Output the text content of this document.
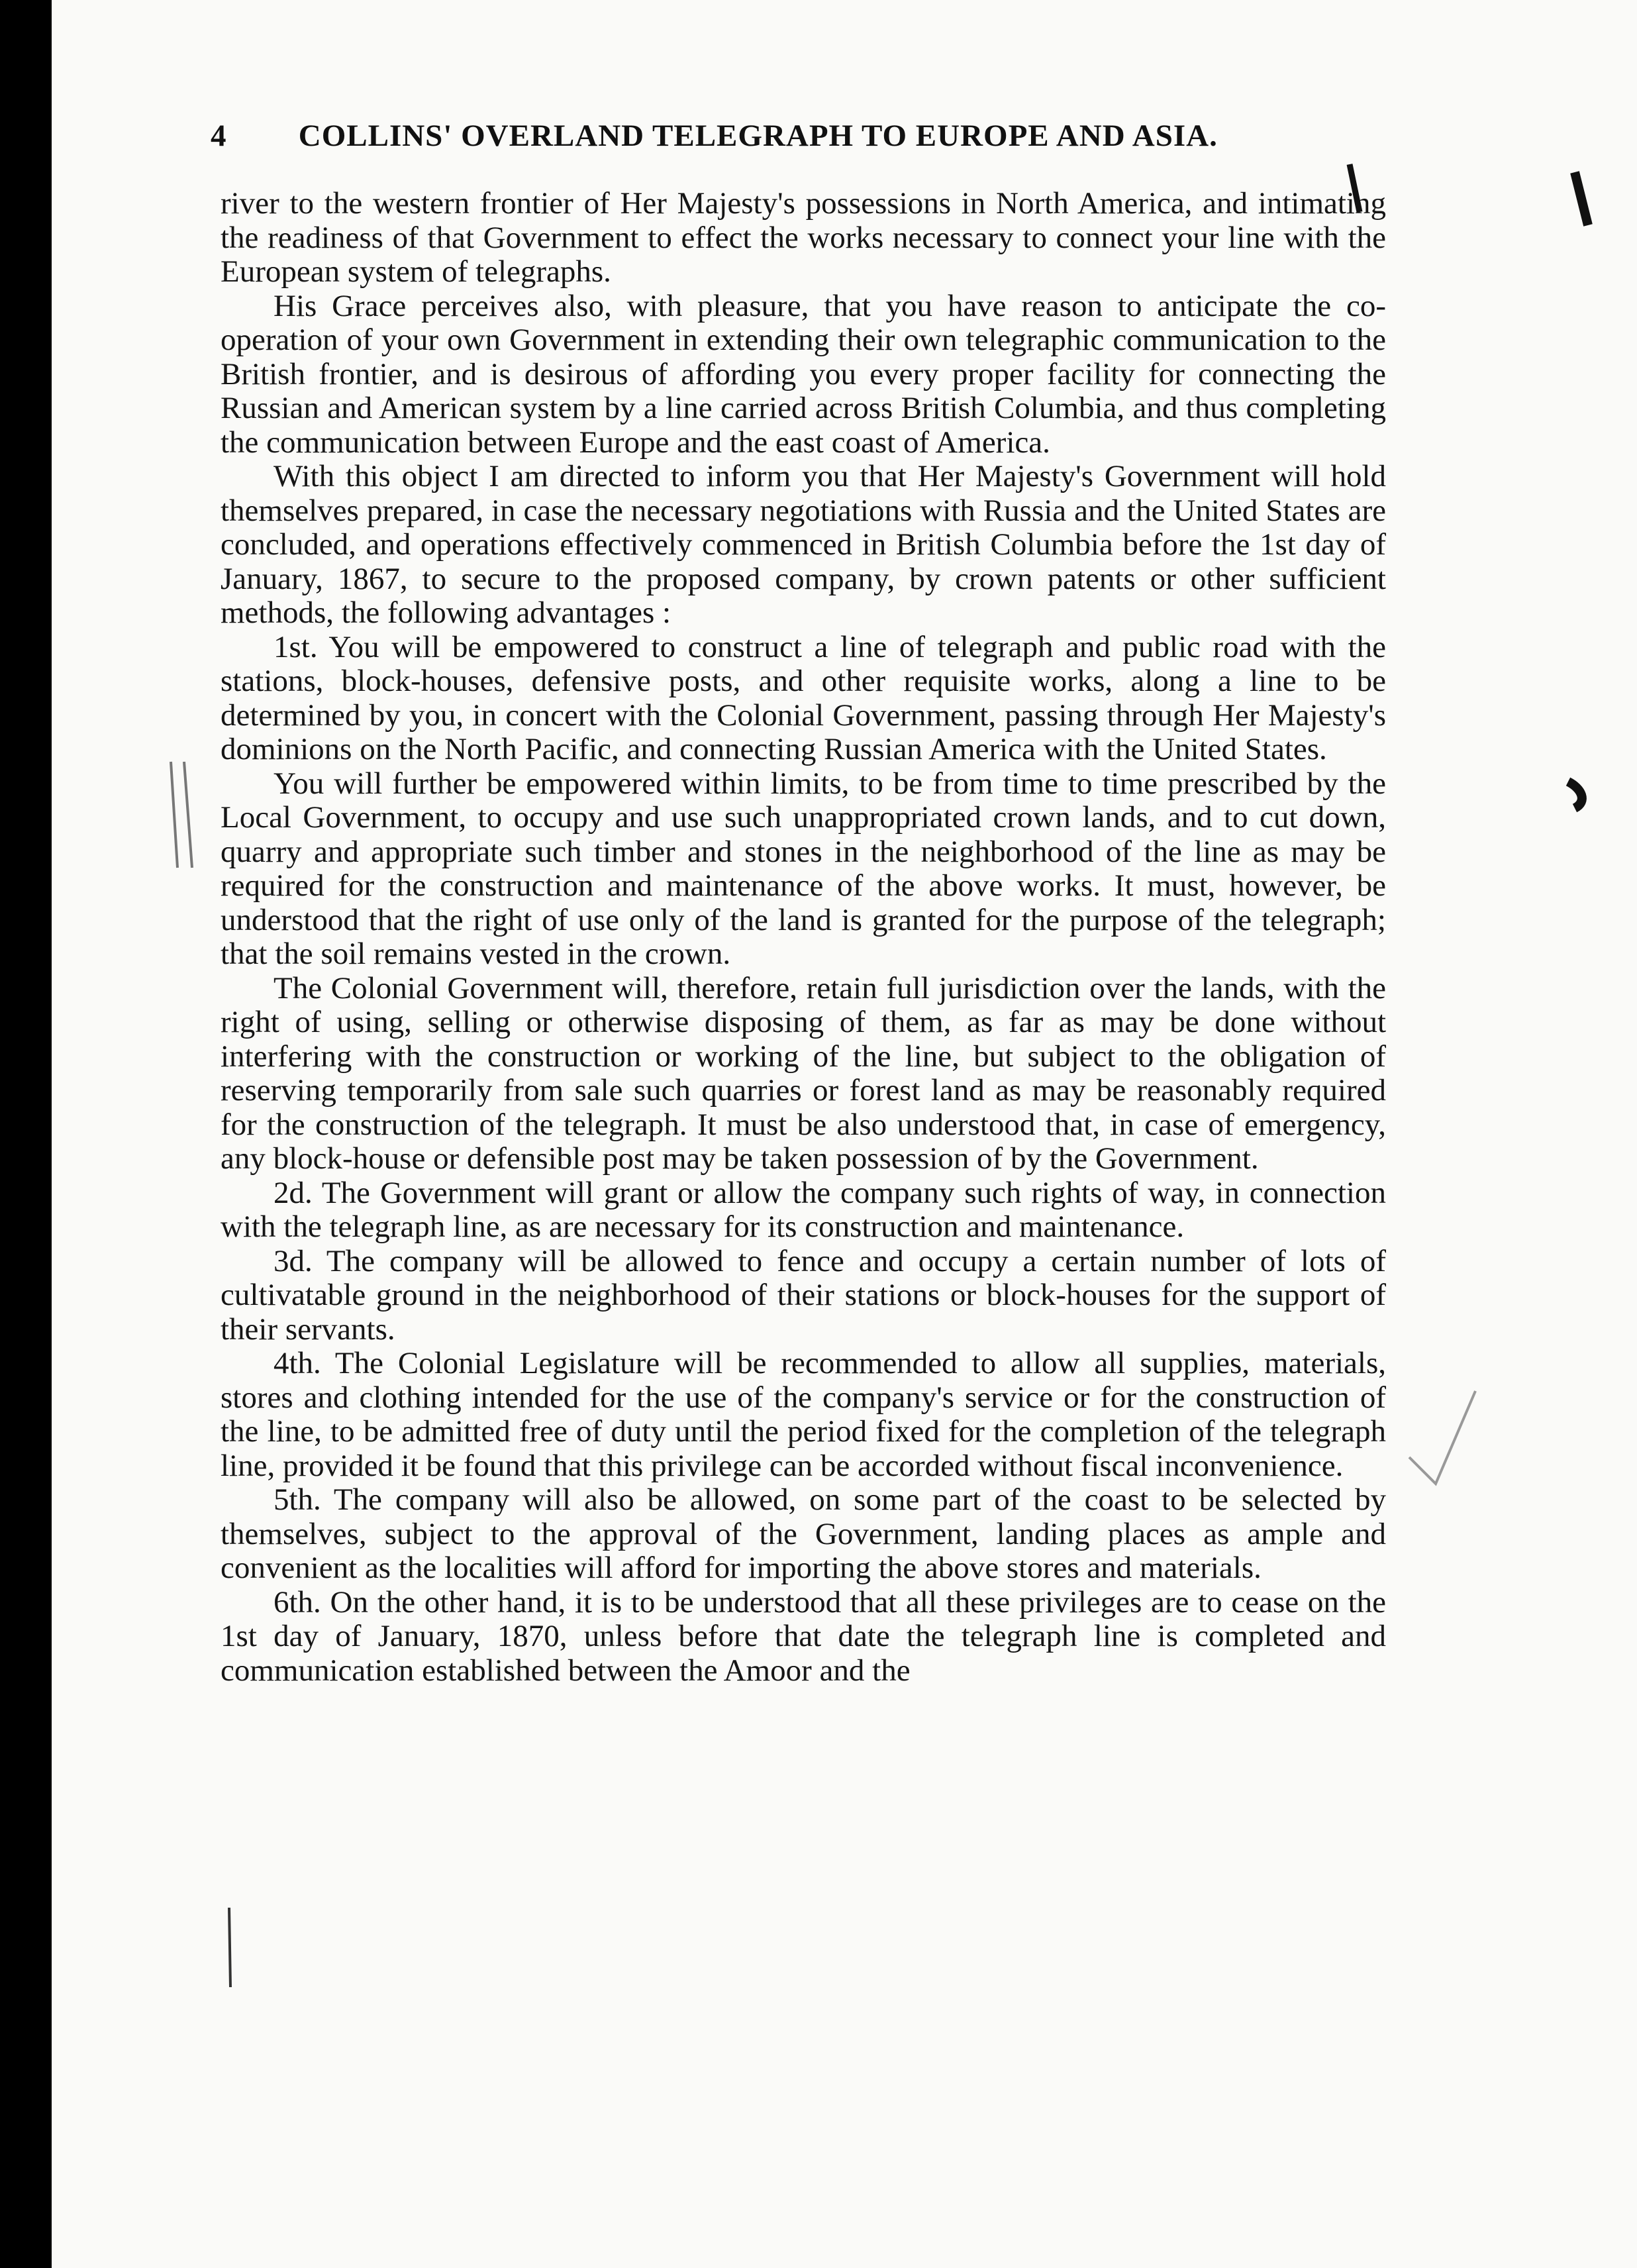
4 COLLINS' OVERLAND TELEGRAPH TO EUROPE AND ASIA.

river to the western frontier of Her Majesty's possessions in North America, and intimating the readiness of that Government to effect the works necessary to connect your line with the European system of telegraphs.

His Grace perceives also, with pleasure, that you have reason to anticipate the co-operation of your own Government in extending their own telegraphic communication to the British frontier, and is desirous of affording you every proper facility for connecting the Russian and American system by a line carried across British Columbia, and thus completing the communication between Europe and the east coast of America.

With this object I am directed to inform you that Her Majesty's Government will hold themselves prepared, in case the necessary negotiations with Russia and the United States are concluded, and operations effectively commenced in British Columbia before the 1st day of January, 1867, to secure to the proposed company, by crown patents or other sufficient methods, the following advantages :

1st. You will be empowered to construct a line of telegraph and public road with the stations, block-houses, defensive posts, and other requisite works, along a line to be determined by you, in concert with the Colonial Government, passing through Her Majesty's dominions on the North Pacific, and connecting Russian America with the United States.

You will further be empowered within limits, to be from time to time prescribed by the Local Government, to occupy and use such unappropriated crown lands, and to cut down, quarry and appropriate such timber and stones in the neighborhood of the line as may be required for the construction and maintenance of the above works. It must, however, be understood that the right of use only of the land is granted for the purpose of the telegraph; that the soil remains vested in the crown.

The Colonial Government will, therefore, retain full jurisdiction over the lands, with the right of using, selling or otherwise disposing of them, as far as may be done without interfering with the construction or working of the line, but subject to the obligation of reserving temporarily from sale such quarries or forest land as may be reasonably required for the construction of the telegraph. It must be also understood that, in case of emergency, any block-house or defensible post may be taken possession of by the Government.

2d. The Government will grant or allow the company such rights of way, in connection with the telegraph line, as are necessary for its construction and maintenance.

3d. The company will be allowed to fence and occupy a certain number of lots of cultivatable ground in the neighborhood of their stations or block-houses for the support of their servants.

4th. The Colonial Legislature will be recommended to allow all supplies, materials, stores and clothing intended for the use of the company's service or for the construction of the line, to be admitted free of duty until the period fixed for the completion of the telegraph line, provided it be found that this privilege can be accorded without fiscal inconvenience.

5th. The company will also be allowed, on some part of the coast to be selected by themselves, subject to the approval of the Government, landing places as ample and convenient as the localities will afford for importing the above stores and materials.

6th. On the other hand, it is to be understood that all these privileges are to cease on the 1st day of January, 1870, unless before that date the telegraph line is completed and communication established between the Amoor and the
